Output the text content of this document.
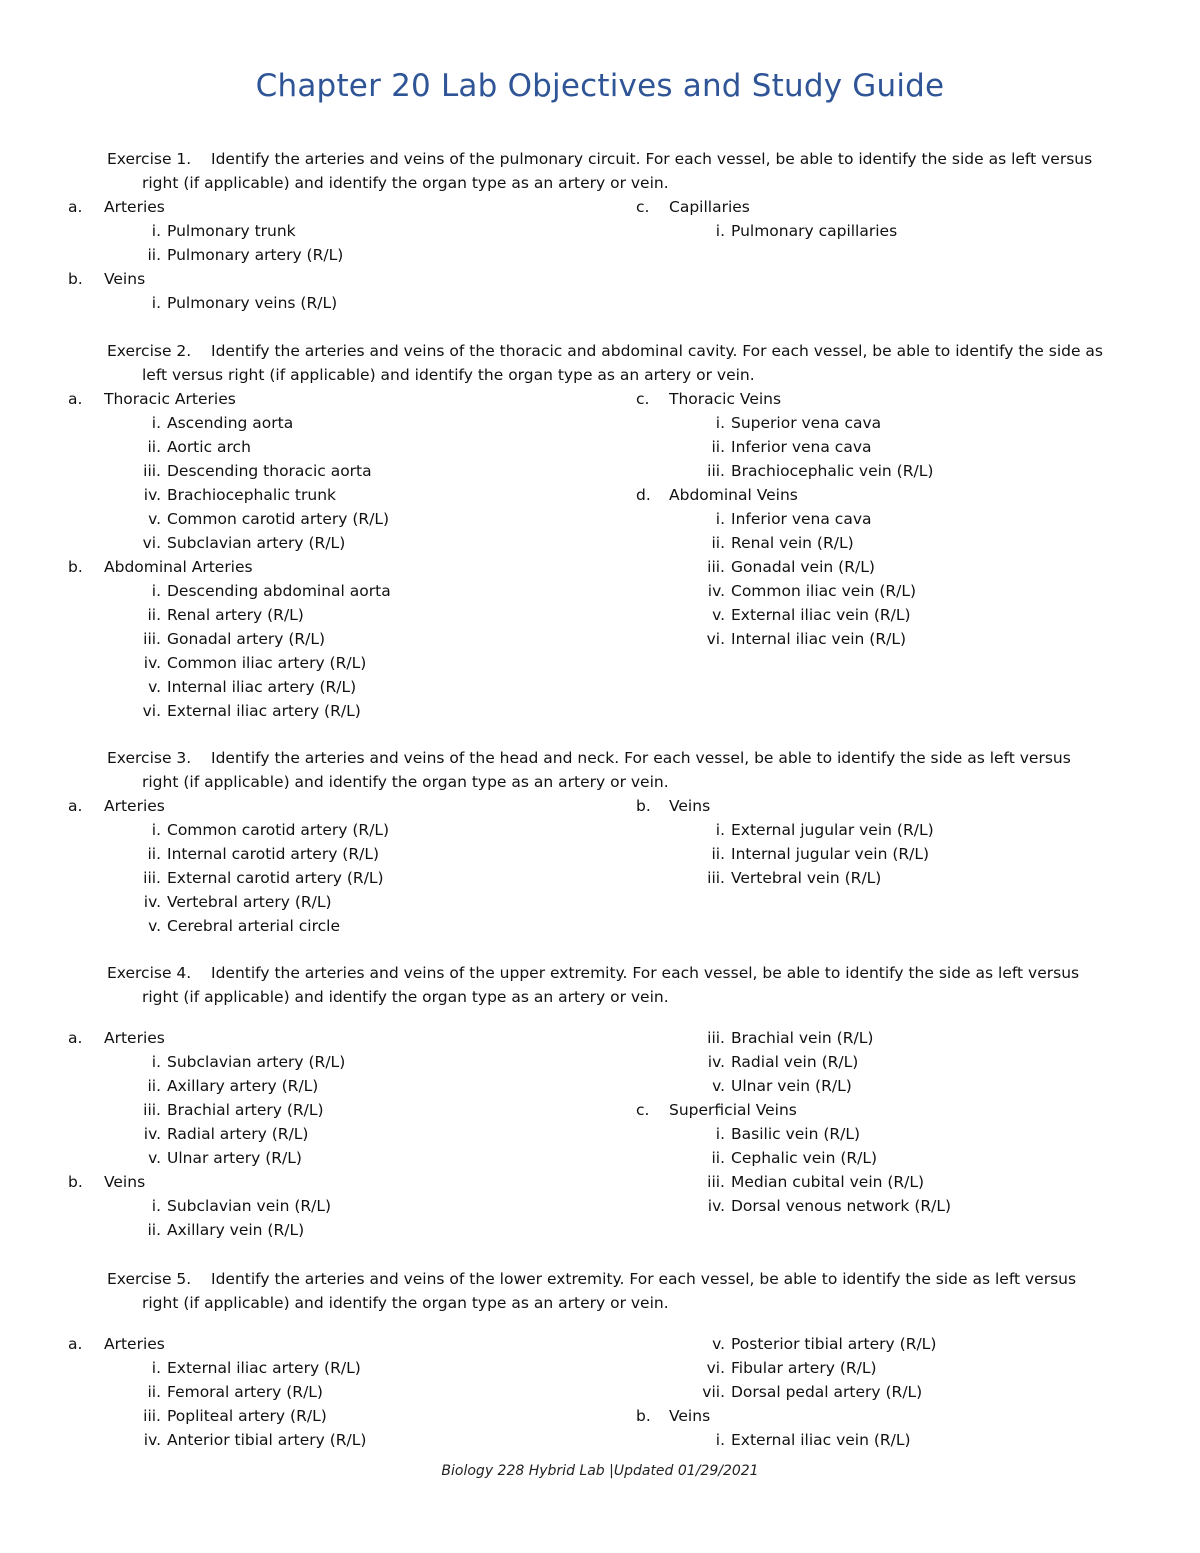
Chapter 20 Lab Objectives and Study Guide
Exercise 1. Identify the arteries and veins of the pulmonary circuit. For each vessel, be able to identify the side as left versus
right (if applicable) and identify the organ type as an artery or vein.
a. Arteries
i. Pulmonary trunk
ii. Pulmonary artery (R/L)
b. Veins
i. Pulmonary veins (R/L)
c. Capillaries
i. Pulmonary capillaries
Exercise 2. Identify the arteries and veins of the thoracic and abdominal cavity. For each vessel, be able to identify the side as
left versus right (if applicable) and identify the organ type as an artery or vein.
a. Thoracic Arteries
i. Ascending aorta
ii. Aortic arch
iii. Descending thoracic aorta
iv. Brachiocephalic trunk
v. Common carotid artery (R/L)
vi. Subclavian artery (R/L)
b. Abdominal Arteries
i. Descending abdominal aorta
ii. Renal artery (R/L)
iii. Gonadal artery (R/L)
iv. Common iliac artery (R/L)
v. Internal iliac artery (R/L)
vi. External iliac artery (R/L)
c. Thoracic Veins
i. Superior vena cava
ii. Inferior vena cava
iii. Brachiocephalic vein (R/L)
d. Abdominal Veins
i. Inferior vena cava
ii. Renal vein (R/L)
iii. Gonadal vein (R/L)
iv. Common iliac vein (R/L)
v. External iliac vein (R/L)
vi. Internal iliac vein (R/L)
Exercise 3. Identify the arteries and veins of the head and neck. For each vessel, be able to identify the side as left versus
right (if applicable) and identify the organ type as an artery or vein.
a. Arteries
i. Common carotid artery (R/L)
ii. Internal carotid artery (R/L)
iii. External carotid artery (R/L)
iv. Vertebral artery (R/L)
v. Cerebral arterial circle
b. Veins
i. External jugular vein (R/L)
ii. Internal jugular vein (R/L)
iii. Vertebral vein (R/L)
Exercise 4. Identify the arteries and veins of the upper extremity. For each vessel, be able to identify the side as left versus
right (if applicable) and identify the organ type as an artery or vein.
a. Arteries
i. Subclavian artery (R/L)
ii. Axillary artery (R/L)
iii. Brachial artery (R/L)
iv. Radial artery (R/L)
v. Ulnar artery (R/L)
b. Veins
i. Subclavian vein (R/L)
ii. Axillary vein (R/L)
iii. Brachial vein (R/L)
iv. Radial vein (R/L)
v. Ulnar vein (R/L)
c. Superficial Veins
i. Basilic vein (R/L)
ii. Cephalic vein (R/L)
iii. Median cubital vein (R/L)
iv. Dorsal venous network (R/L)
Exercise 5. Identify the arteries and veins of the lower extremity. For each vessel, be able to identify the side as left versus
right (if applicable) and identify the organ type as an artery or vein.
a. Arteries
i. External iliac artery (R/L)
ii. Femoral artery (R/L)
iii. Popliteal artery (R/L)
iv. Anterior tibial artery (R/L)
v. Posterior tibial artery (R/L)
vi. Fibular artery (R/L)
vii. Dorsal pedal artery (R/L)
b. Veins
i. External iliac vein (R/L)
Biology 228 Hybrid Lab |Updated 01/29/2021
